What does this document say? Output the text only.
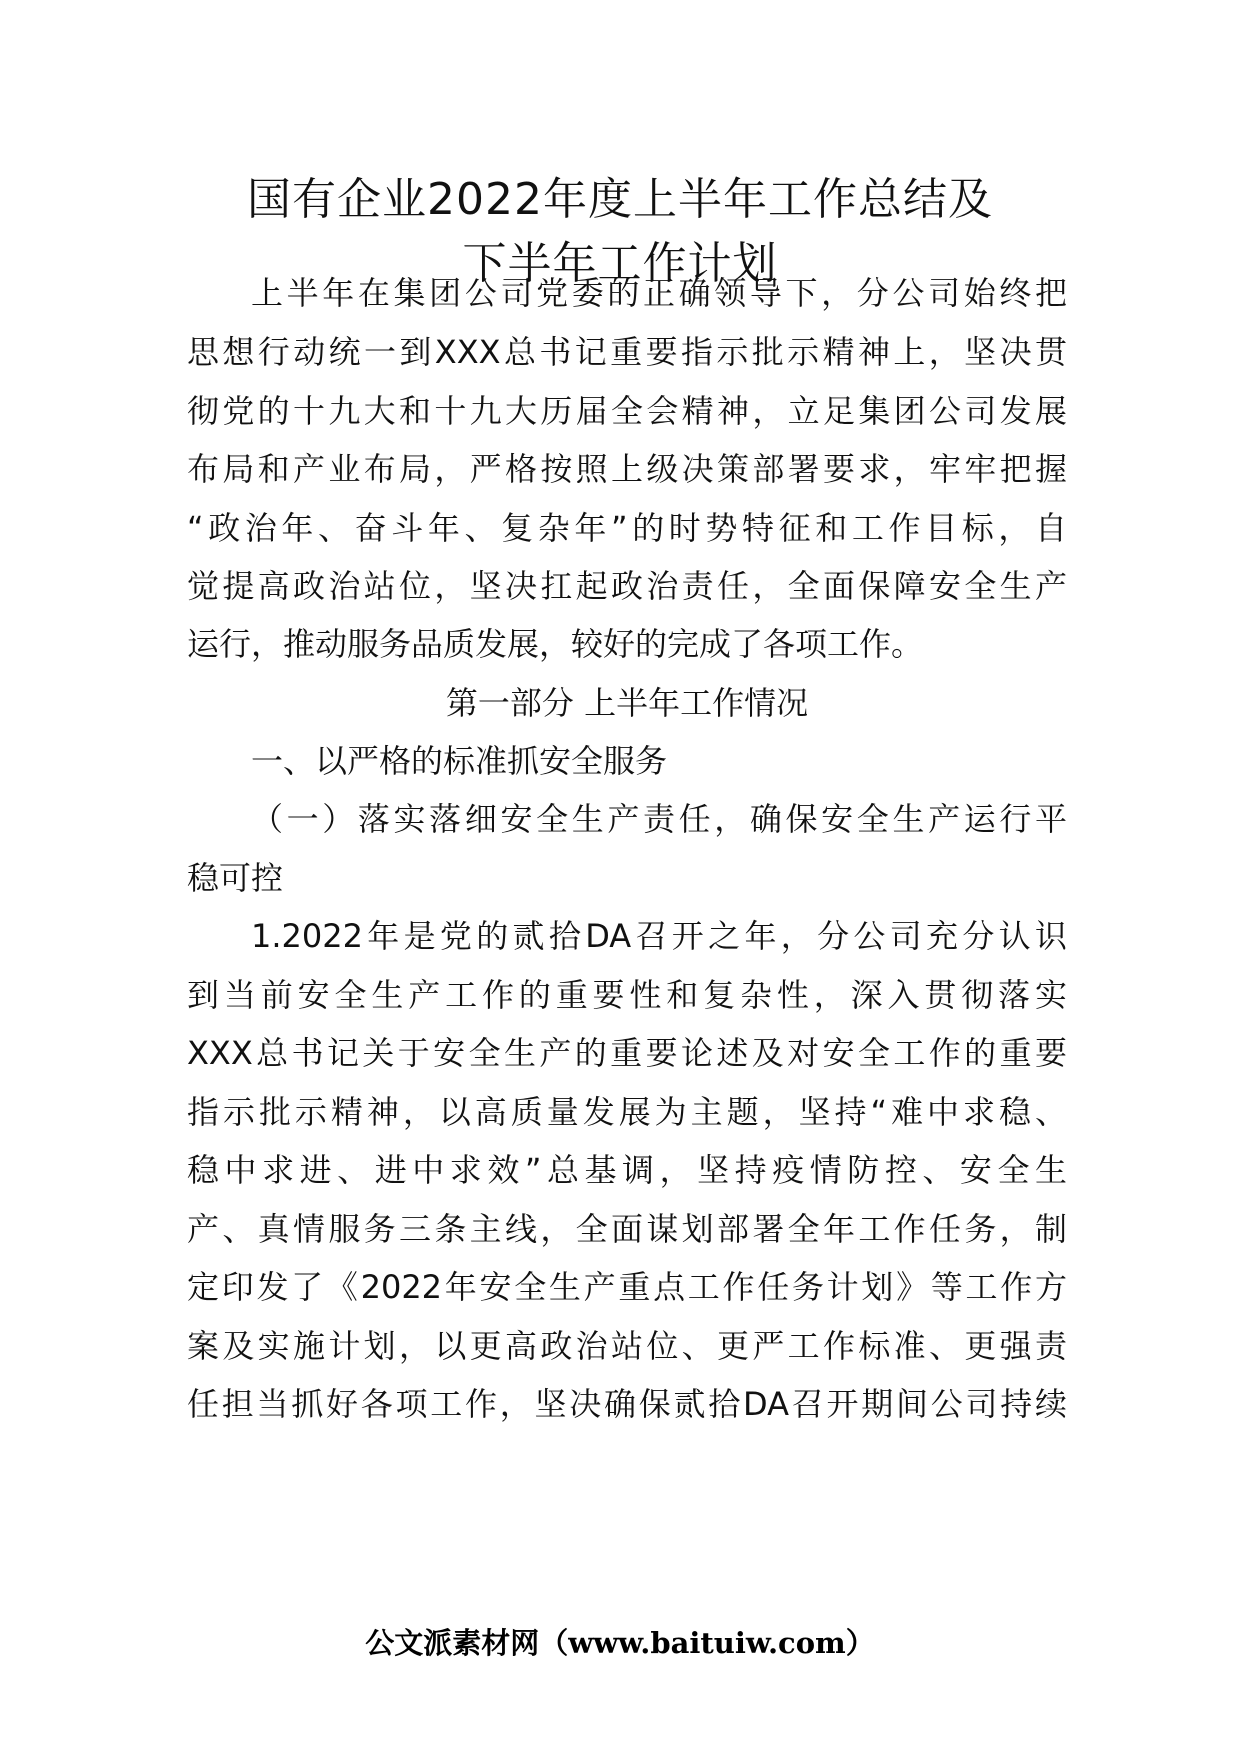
国有企业2022年度上半年工作总结及
下半年工作计划
上半年在集团公司党委的正确领导下，分公司始终把
思想行动统一到XXX总书记重要指示批示精神上，坚决贯
彻党的十九大和十九大历届全会精神，立足集团公司发展
布局和产业布局，严格按照上级决策部署要求，牢牢把握
“政治年、奋斗年、复杂年”的时势特征和工作目标，自
觉提高政治站位，坚决扛起政治责任，全面保障安全生产
运行，推动服务品质发展，较好的完成了各项工作。
第一部分 上半年工作情况
一、以严格的标准抓安全服务
（一）落实落细安全生产责任，确保安全生产运行平
稳可控
1.2022年是党的贰拾DA召开之年，分公司充分认识
到当前安全生产工作的重要性和复杂性，深入贯彻落实
XXX总书记关于安全生产的重要论述及对安全工作的重要
指示批示精神，以高质量发展为主题，坚持“难中求稳、
稳中求进、进中求效”总基调，坚持疫情防控、安全生
产、真情服务三条主线，全面谋划部署全年工作任务，制
定印发了《2022年安全生产重点工作任务计划》等工作方
案及实施计划，以更高政治站位、更严工作标准、更强责
任担当抓好各项工作，坚决确保贰拾DA召开期间公司持续
公文派素材网（www.baituiw.com）
